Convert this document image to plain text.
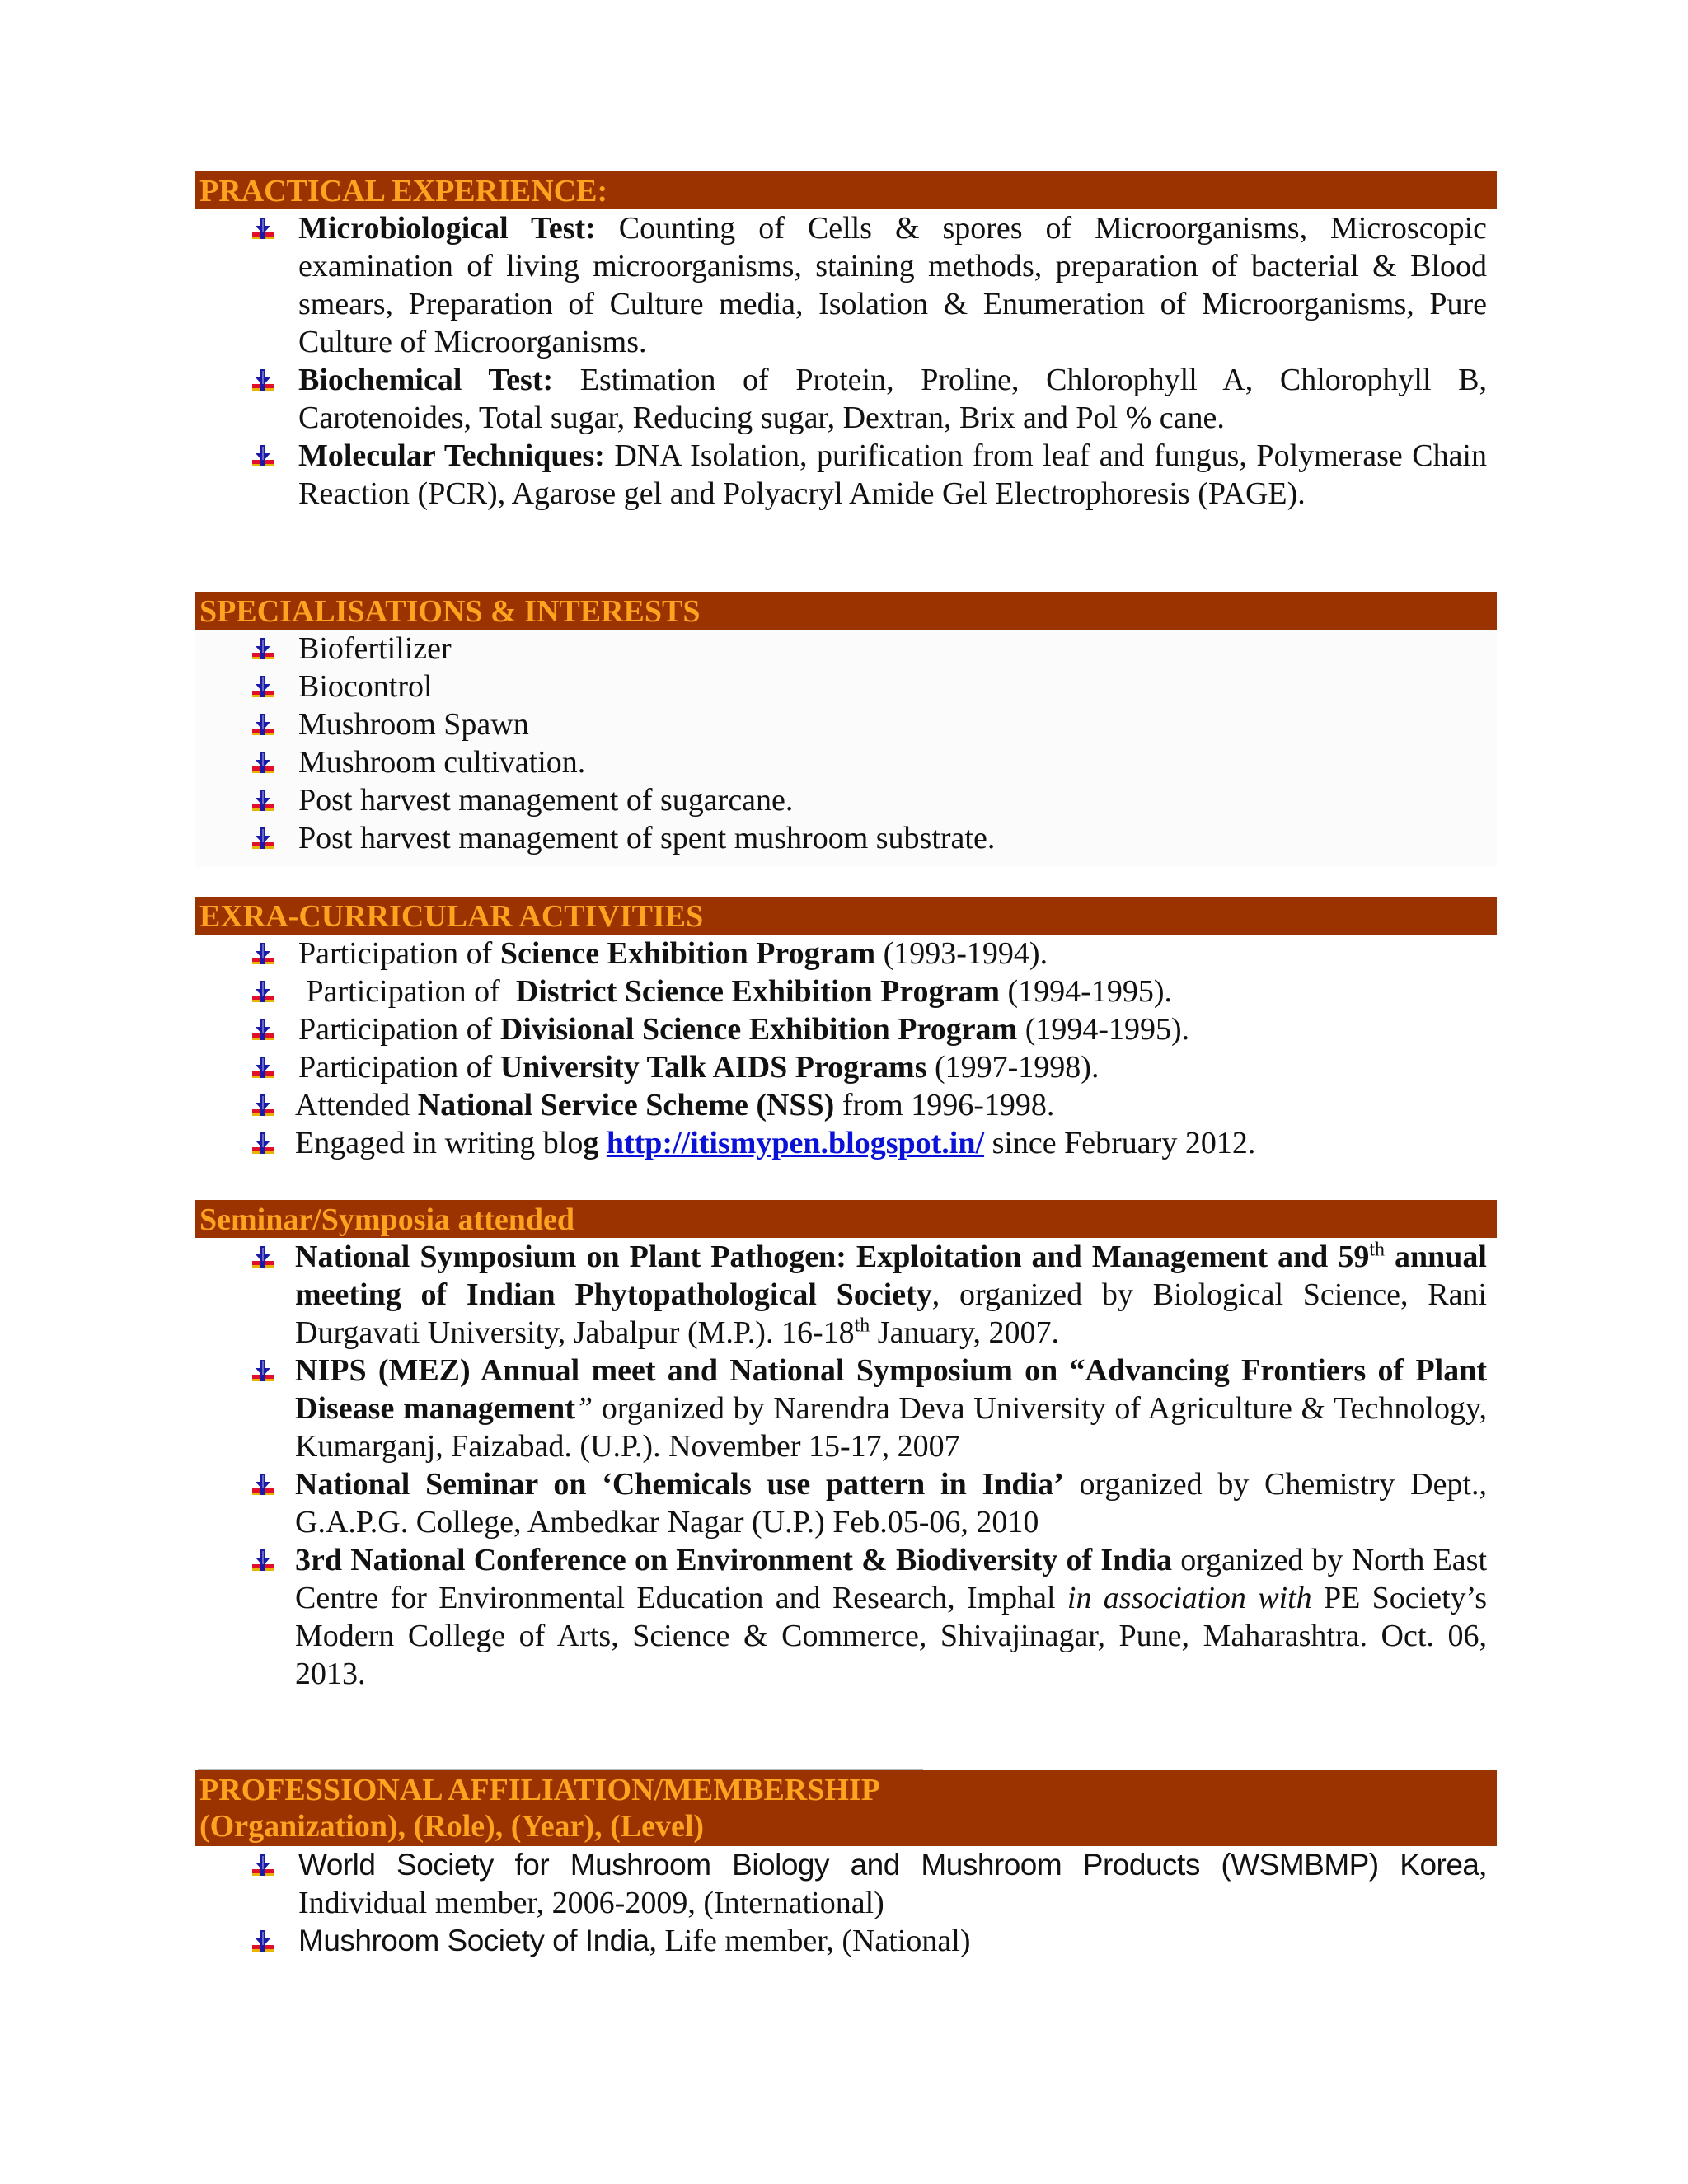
PRACTICAL EXPERIENCE:
Microbiological Test: Counting of Cells & spores of Microorganisms, Microscopic examination of living microorganisms, staining methods, preparation of bacterial & Blood smears, Preparation of Culture media, Isolation & Enumeration of Microorganisms, Pure Culture of Microorganisms.
Biochemical Test: Estimation of Protein, Proline, Chlorophyll A, Chlorophyll B, Carotenoides, Total sugar, Reducing sugar, Dextran, Brix and Pol % cane.
Molecular Techniques: DNA Isolation, purification from leaf and fungus, Polymerase Chain Reaction (PCR), Agarose gel and Polyacryl Amide Gel Electrophoresis (PAGE).
SPECIALISATIONS & INTERESTS
Biofertilizer
Biocontrol
Mushroom Spawn
Mushroom cultivation.
Post harvest management of sugarcane.
Post harvest management of spent mushroom substrate.
EXRA-CURRICULAR ACTIVITIES
Participation of Science Exhibition Program (1993-1994).
Participation of  District Science Exhibition Program (1994-1995).
Participation of Divisional Science Exhibition Program (1994-1995).
Participation of University Talk AIDS Programs (1997-1998).
Attended National Service Scheme (NSS) from 1996-1998.
Engaged in writing blog http://itismypen.blogspot.in/ since February 2012.
Seminar/Symposia attended
National Symposium on Plant Pathogen: Exploitation and Management and 59th annual meeting of Indian Phytopathological Society, organized by Biological Science, Rani Durgavati University, Jabalpur (M.P.). 16-18th January, 2007.
NIPS (MEZ) Annual meet and National Symposium on “Advancing Frontiers of Plant Disease management” organized by Narendra Deva University of Agriculture & Technology, Kumarganj, Faizabad. (U.P.). November 15-17, 2007
National Seminar on ‘Chemicals use pattern in India’ organized by Chemistry Dept., G.A.P.G. College, Ambedkar Nagar (U.P.) Feb.05-06, 2010
3rd National Conference on Environment & Biodiversity of India organized by North East Centre for Environmental Education and Research, Imphal in association with PE Society’s Modern College of Arts, Science & Commerce, Shivajinagar, Pune, Maharashtra. Oct. 06, 2013.
PROFESSIONAL AFFILIATION/MEMBERSHIP
(Organization), (Role), (Year), (Level)
World Society for Mushroom Biology and Mushroom Products (WSMBMP) Korea, Individual member, 2006-2009, (International)
Mushroom Society of India, Life member, (National)
